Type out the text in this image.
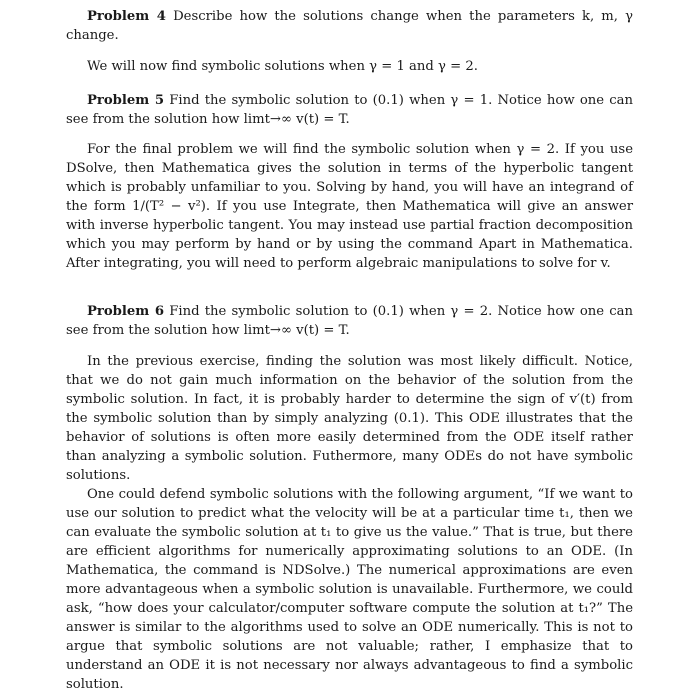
Problem 4 Describe how the solutions change when the parameters k, m, γ change.

We will now find symbolic solutions when γ = 1 and γ = 2.

Problem 5 Find the symbolic solution to (0.1) when γ = 1. Notice how one can see from the solution how limt→∞ v(t) = T.

For the final problem we will find the symbolic solution when γ = 2. If you use DSolve, then Mathematica gives the solution in terms of the hyperbolic tangent which is probably unfamiliar to you. Solving by hand, you will have an integrand of the form 1/(T² − v²). If you use Integrate, then Mathematica will give an answer with inverse hyperbolic tangent. You may instead use partial fraction decomposition which you may perform by hand or by using the command Apart in Mathematica. After integrating, you will need to perform algebraic manipulations to solve for v.

Problem 6 Find the symbolic solution to (0.1) when γ = 2. Notice how one can see from the solution how limt→∞ v(t) = T.

In the previous exercise, finding the solution was most likely difficult. Notice, that we do not gain much information on the behavior of the solution from the symbolic solution. In fact, it is probably harder to determine the sign of v′(t) from the symbolic solution than by simply analyzing (0.1). This ODE illustrates that the behavior of solutions is often more easily determined from the ODE itself rather than analyzing a symbolic solution. Futhermore, many ODEs do not have symbolic solutions.

One could defend symbolic solutions with the following argument, “If we want to use our solution to predict what the velocity will be at a particular time t₁, then we can evaluate the symbolic solution at t₁ to give us the value.” That is true, but there are efficient algorithms for numerically approximating solutions to an ODE. (In Mathematica, the command is NDSolve.) The numerical approximations are even more advantageous when a symbolic solution is unavailable. Furthermore, we could ask, “how does your calculator/computer software compute the solution at t₁?” The answer is similar to the algorithms used to solve an ODE numerically. This is not to argue that symbolic solutions are not valuable; rather, I emphasize that to understand an ODE it is not necessary nor always advantageous to find a symbolic solution.
